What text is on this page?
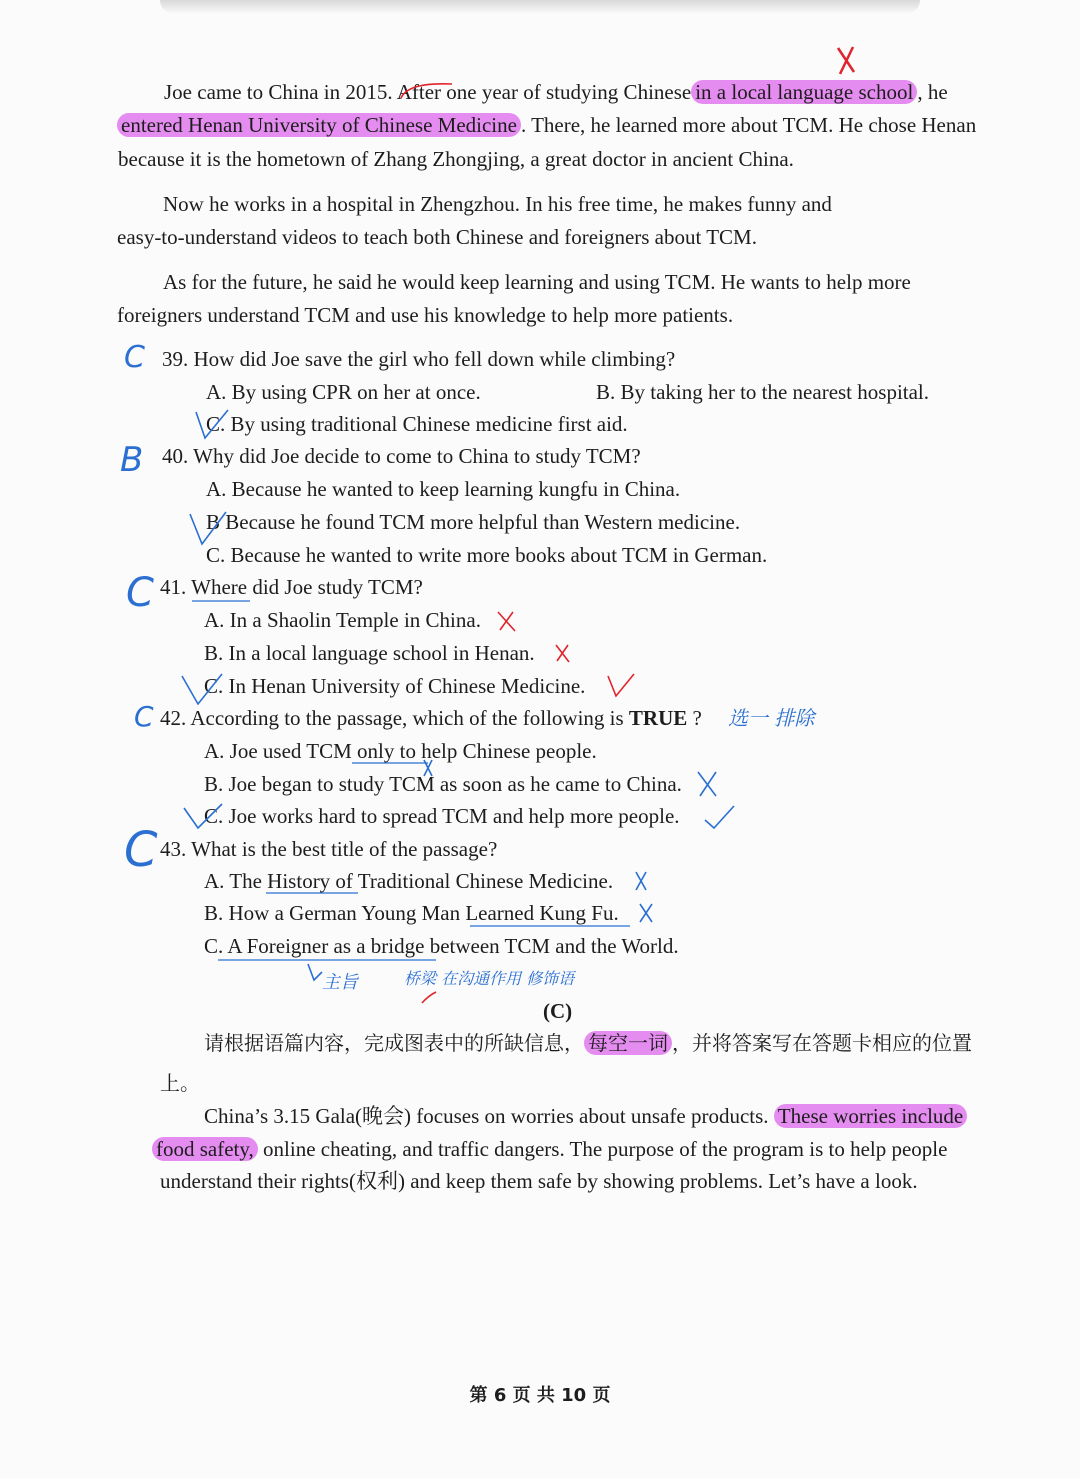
Joe came to China in 2015. After one year of studying Chinese in a local language school , he
entered Henan University of Chinese Medicine . There, he learned more about TCM. He chose Henan
because it is the hometown of Zhang Zhongjing, a great doctor in ancient China.
Now he works in a hospital in Zhengzhou. In his free time, he makes funny and
easy-to-understand videos to teach both Chinese and foreigners about TCM.
As for the future, he said he would keep learning and using TCM. He wants to help more
foreigners understand TCM and use his knowledge to help more patients.
39. How did Joe save the girl who fell down while climbing?
A. By using CPR on her at once.	B. By taking her to the nearest hospital.
C. By using traditional Chinese medicine first aid.
40. Why did Joe decide to come to China to study TCM?
A. Because he wanted to keep learning kungfu in China.
B Because he found TCM more helpful than Western medicine.
C. Because he wanted to write more books about TCM in German.
41. Where did Joe study TCM?
A. In a Shaolin Temple in China.
B. In a local language school in Henan.
C. In Henan University of Chinese Medicine.
42. According to the passage, which of the following is TRUE ?
A. Joe used TCM only to help Chinese people.
B. Joe began to study TCM as soon as he came to China.
C. Joe works hard to spread TCM and help more people.
43. What is the best title of the passage?
A. The History of Traditional Chinese Medicine.
B. How a German Young Man Learned Kung Fu.
C. A Foreigner as a bridge between TCM and the World.
(C)
请根据语篇内容，完成图表中的所缺信息， 每空一词 ，并将答案写在答题卡相应的位置
上。
China’s 3.15 Gala(晚会) focuses on worries about unsafe products. These worries include
food safety, online cheating, and traffic dangers. The purpose of the program is to help people
understand their rights(权利) and keep them safe by showing problems. Let’s have a look.
C
B
C
C
C
选一 排除
主旨	桥梁 在沟通作用 修饰语
第 6 页 共 10 页
